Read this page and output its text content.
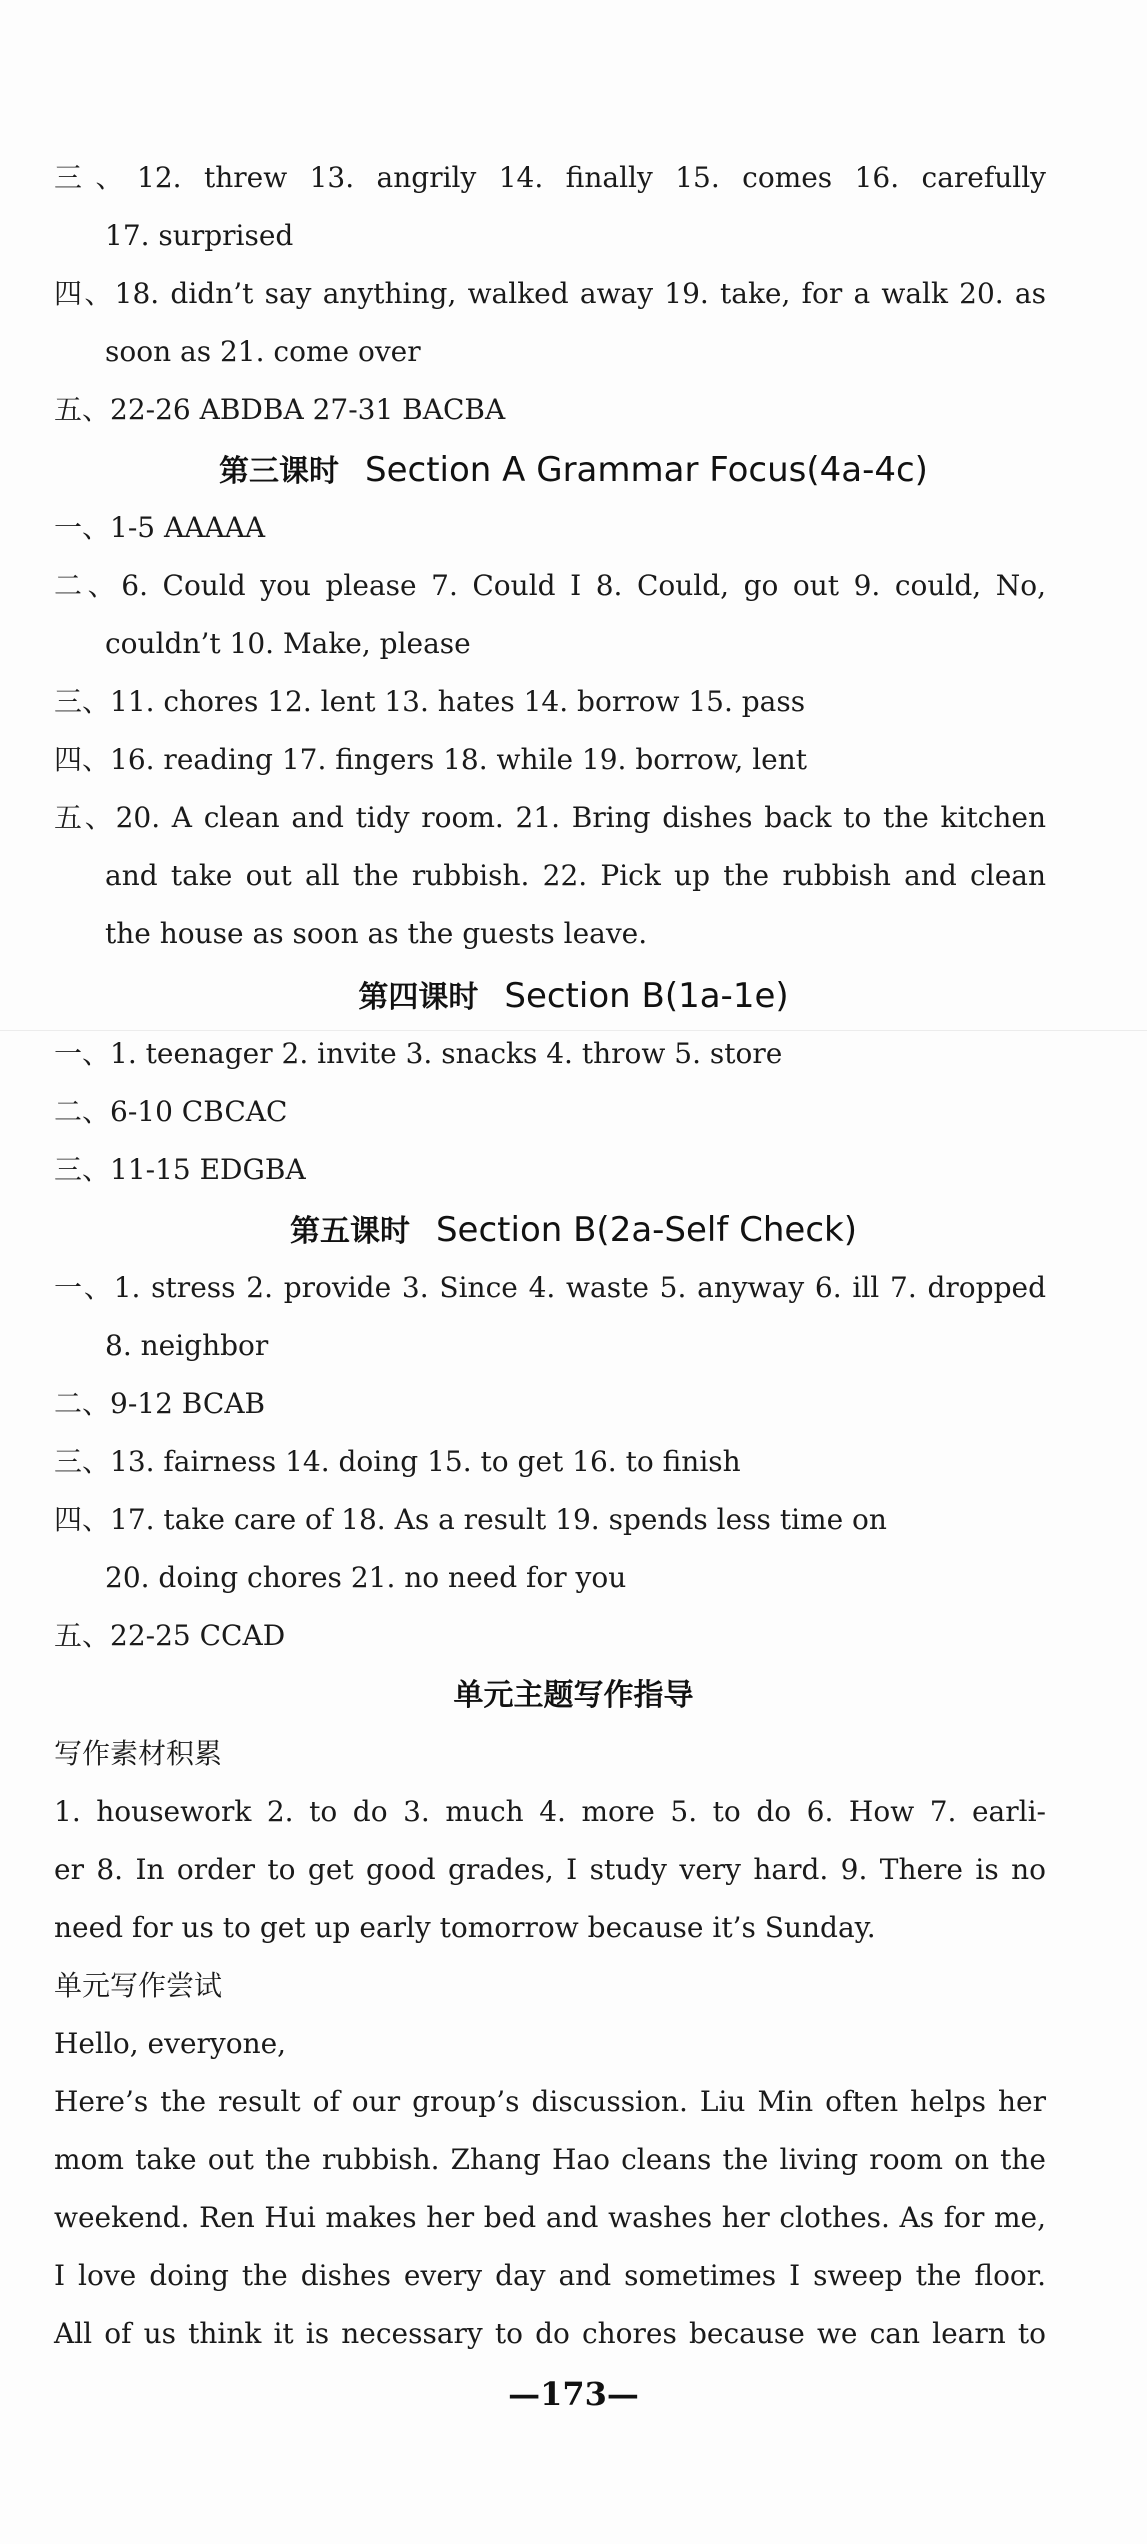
三、12. threw 13. angrily 14. finally 15. comes 16. carefully
17. surprised
四、18. didn’t say anything, walked away 19. take, for a walk 20. as
soon as 21. come over
五、22-26 ABDBA 27-31 BACBA
第三课时 Section A Grammar Focus(4a-4c)
一、1-5 AAAAA
二、6. Could you please 7. Could I 8. Could, go out 9. could, No,
couldn’t 10. Make, please
三、11. chores 12. lent 13. hates 14. borrow 15. pass
四、16. reading 17. fingers 18. while 19. borrow, lent
五、20. A clean and tidy room. 21. Bring dishes back to the kitchen
and take out all the rubbish. 22. Pick up the rubbish and clean
the house as soon as the guests leave.
第四课时 Section B(1a-1e)
一、1. teenager 2. invite 3. snacks 4. throw 5. store
二、6-10 CBCAC
三、11-15 EDGBA
第五课时 Section B(2a-Self Check)
一、1. stress 2. provide 3. Since 4. waste 5. anyway 6. ill 7. dropped
8. neighbor
二、9-12 BCAB
三、13. fairness 14. doing 15. to get 16. to finish
四、17. take care of 18. As a result 19. spends less time on
20. doing chores 21. no need for you
五、22-25 CCAD
单元主题写作指导
写作素材积累
1. housework 2. to do 3. much 4. more 5. to do 6. How 7. earli-
er 8. In order to get good grades, I study very hard. 9. There is no
need for us to get up early tomorrow because it’s Sunday.
单元写作尝试
Hello, everyone,
Here’s the result of our group’s discussion. Liu Min often helps her
mom take out the rubbish. Zhang Hao cleans the living room on the
weekend. Ren Hui makes her bed and washes her clothes. As for me,
I love doing the dishes every day and sometimes I sweep the floor.
All of us think it is necessary to do chores because we can learn to
—173—
